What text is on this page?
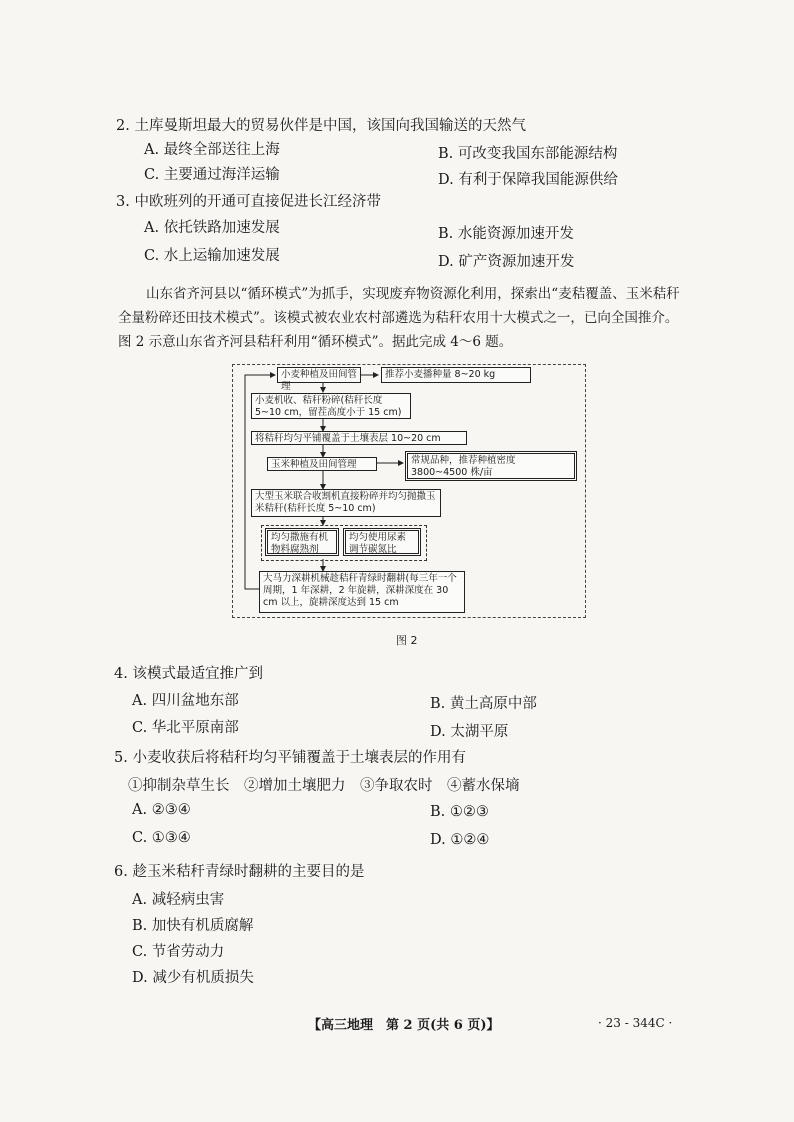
2. 土库曼斯坦最大的贸易伙伴是中国，该国向我国输送的天然气
A. 最终全部送往上海	B. 可改变我国东部能源结构
C. 主要通过海洋运输	D. 有利于保障我国能源供给
3. 中欧班列的开通可直接促进长江经济带
A. 依托铁路加速发展	B. 水能资源加速开发
C. 水上运输加速发展	D. 矿产资源加速开发
山东省齐河县以“循环模式”为抓手，实现废弃物资源化利用，探索出“麦秸覆盖、玉米秸秆
全量粉碎还田技术模式”。该模式被农业农村部遴选为秸秆农用十大模式之一，已向全国推介。
图 2 示意山东省齐河县秸秆利用“循环模式”。据此完成 4～6 题。
小麦种植及田间管理
推荐小麦播种量 8~20 kg
小麦机收、秸秆粉碎(秸秆长度 5~10 cm，留茬高度小于 15 cm)
将秸秆均匀平铺覆盖于土壤表层 10~20 cm
玉米种植及田间管理	常规品种，推荐种植密度 3800~4500 株/亩
大型玉米联合收割机直接粉碎并均匀抛撒玉米秸秆(秸秆长度 5~10 cm)
均匀撒施有机物料腐熟剂
均匀使用尿素调节碳氮比
大马力深耕机械趁秸秆青绿时翻耕(每三年一个周期，1 年深耕，2 年旋耕，深耕深度在 30 cm 以上，旋耕深度达到 15 cm
图 2
4. 该模式最适宜推广到
A. 四川盆地东部	B. 黄土高原中部
C. 华北平原南部	D. 太湖平原
5. 小麦收获后将秸秆均匀平铺覆盖于土壤表层的作用有
①抑制杂草生长　②增加土壤肥力　③争取农时　④蓄水保墒
A. ②③④	B. ①②③
C. ①③④	D. ①②④
6. 趁玉米秸秆青绿时翻耕的主要目的是
A. 减轻病虫害
B. 加快有机质腐解
C. 节省劳动力
D. 减少有机质损失
【高三地理　第 2 页(共 6 页)】	· 23 - 344C ·
